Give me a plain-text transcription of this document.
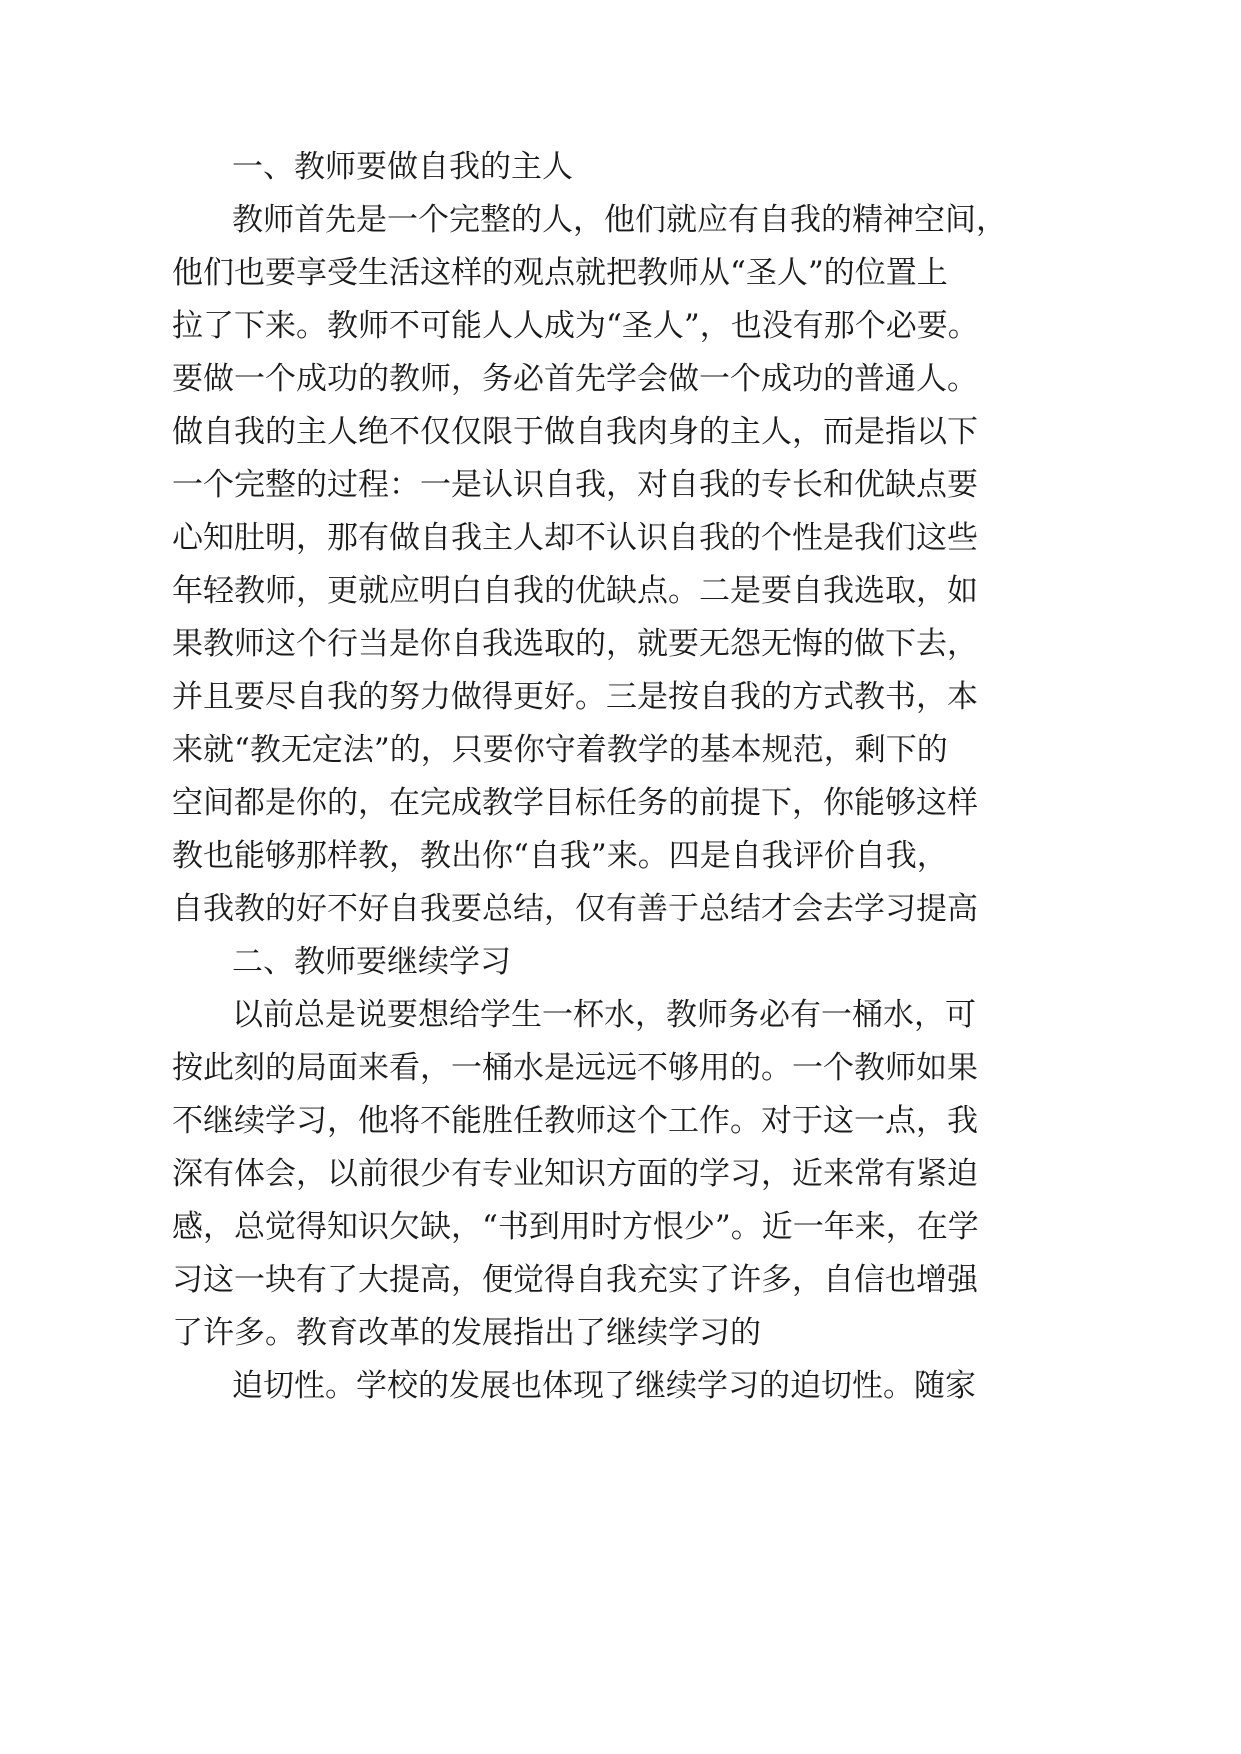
一、教师要做自我的主人
教师首先是一个完整的人，他们就应有自我的精神空间，
他们也要享受生活这样的观点就把教师从“圣人”的位置上
拉了下来。教师不可能人人成为“圣人”，也没有那个必要。
要做一个成功的教师，务必首先学会做一个成功的普通人。
做自我的主人绝不仅仅限于做自我肉身的主人，而是指以下
一个完整的过程：一是认识自我，对自我的专长和优缺点要
心知肚明，那有做自我主人却不认识自我的个性是我们这些
年轻教师，更就应明白自我的优缺点。二是要自我选取，如
果教师这个行当是你自我选取的，就要无怨无悔的做下去，
并且要尽自我的努力做得更好。三是按自我的方式教书，本
来就“教无定法”的，只要你守着教学的基本规范，剩下的
空间都是你的，在完成教学目标任务的前提下，你能够这样
教也能够那样教，教出你“自我”来。四是自我评价自我，
自我教的好不好自我要总结，仅有善于总结才会去学习提高
二、教师要继续学习
以前总是说要想给学生一杯水，教师务必有一桶水，可
按此刻的局面来看，一桶水是远远不够用的。一个教师如果
不继续学习，他将不能胜任教师这个工作。对于这一点，我
深有体会，以前很少有专业知识方面的学习，近来常有紧迫
感，总觉得知识欠缺，“书到用时方恨少”。近一年来，在学
习这一块有了大提高，便觉得自我充实了许多，自信也增强
了许多。教育改革的发展指出了继续学习的
迫切性。学校的发展也体现了继续学习的迫切性。随家
